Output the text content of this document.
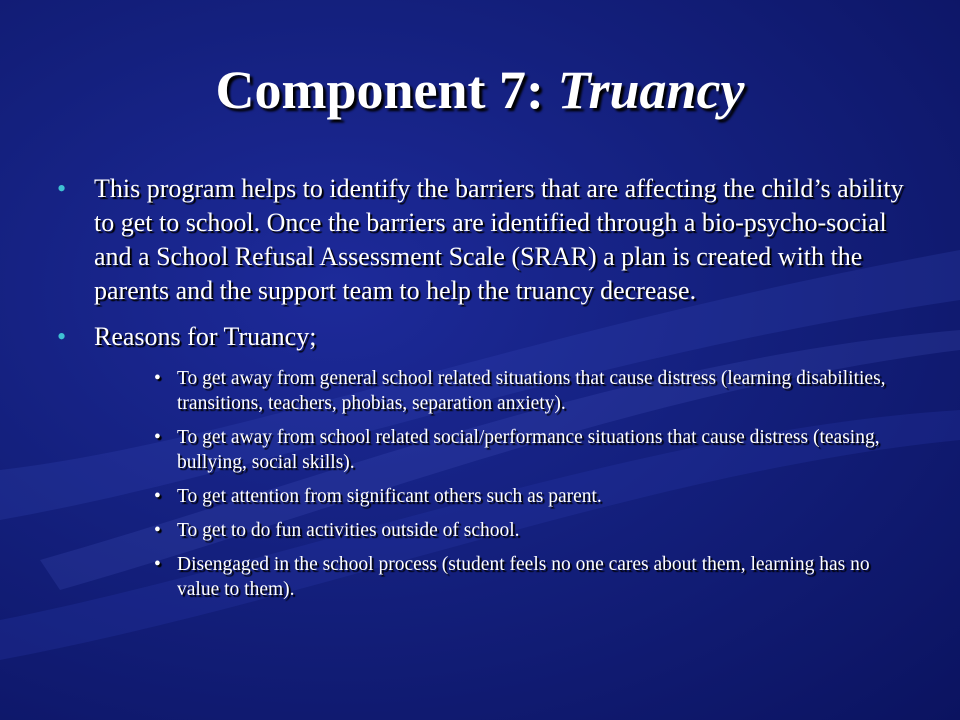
Component 7: Truancy
• This program helps to identify the barriers that are affecting the child’s ability to get to school. Once the barriers are identified through a bio-psycho-social and a School Refusal Assessment Scale (SRAR) a plan is created with the parents and the support team to help the truancy decrease.
• Reasons for Truancy;
• To get away from general school related situations that cause distress (learning disabilities, transitions, teachers, phobias, separation anxiety).
• To get away from school related social/performance situations that cause distress (teasing, bullying, social skills).
• To get attention from significant others such as parent.
• To get to do fun activities outside of school.
• Disengaged in the school process (student feels no one cares about them, learning has no value to them).
